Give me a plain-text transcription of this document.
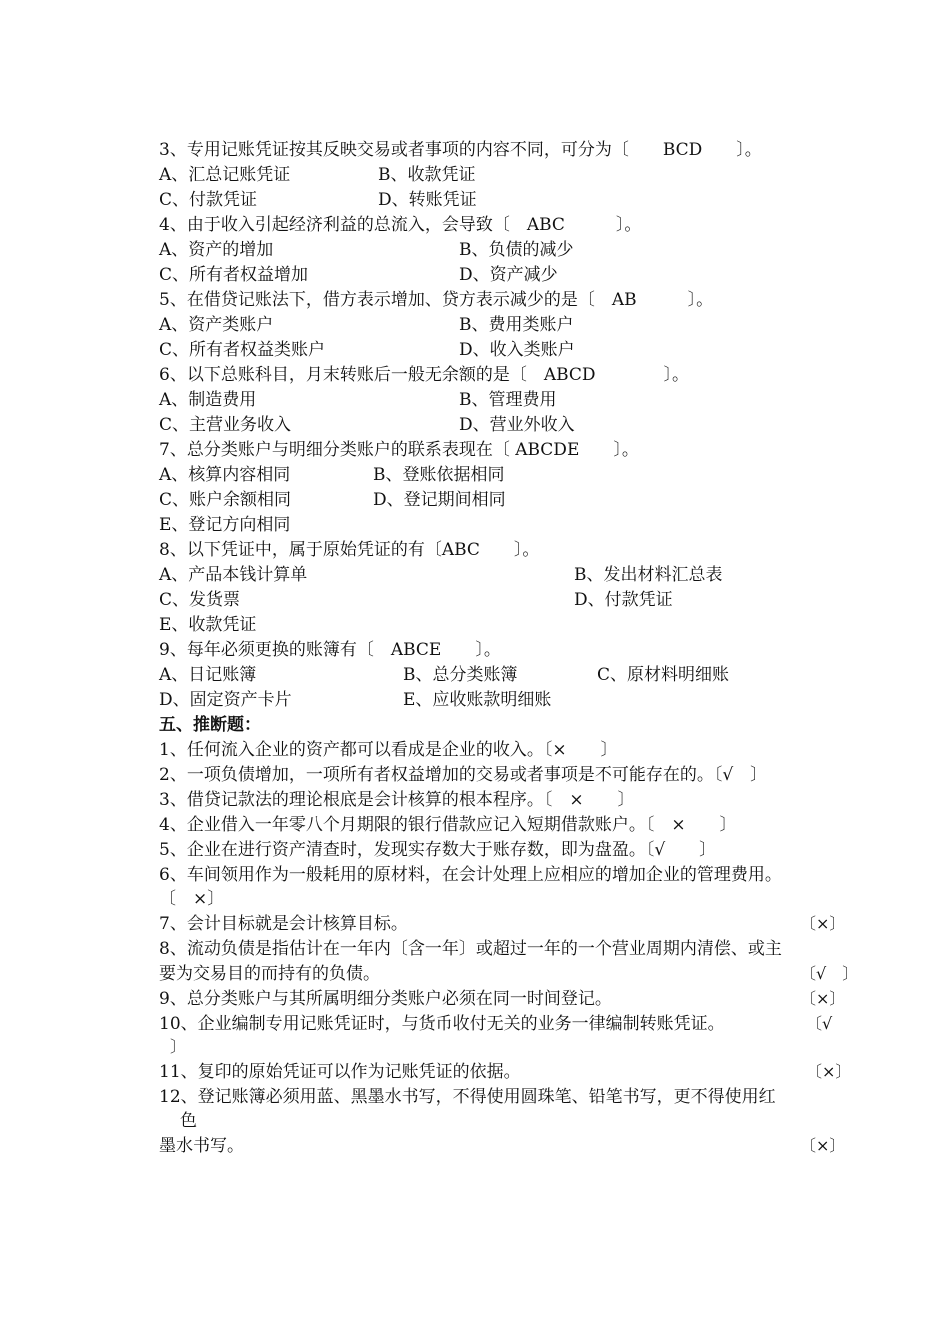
3、专用记账凭证按其反映交易或者事项的内容不同，可分为〔　　BCD　　〕。
A、汇总记账凭证	B、收款凭证
C、付款凭证	D、转账凭证
4、由于收入引起经济利益的总流入，会导致〔　ABC　　　〕。
A、资产的增加	B、负债的减少
C、所有者权益增加	D、资产减少
5、在借贷记账法下，借方表示增加、贷方表示减少的是〔　AB　　　〕。
A、资产类账户	B、费用类账户
C、所有者权益类账户	D、收入类账户
6、以下总账科目，月末转账后一般无余额的是〔　ABCD　　　　〕。
A、制造费用	B、管理费用
C、主营业务收入	D、营业外收入
7、总分类账户与明细分类账户的联系表现在〔 ABCDE　　〕。
A、核算内容相同	B、登账依据相同
C、账户余额相同	D、登记期间相同
E、登记方向相同
8、以下凭证中，属于原始凭证的有〔ABC　　〕。
A、产品本钱计算单	B、发出材料汇总表
C、发货票	D、付款凭证
E、收款凭证
9、每年必须更换的账簿有〔　ABCE　　〕。
A、日记账簿	B、总分类账簿	C、原材料明细账
D、固定资产卡片	E、应收账款明细账
五、推断题：
1、任何流入企业的资产都可以看成是企业的收入。〔×　　〕
2、一项负债增加，一项所有者权益增加的交易或者事项是不可能存在的。〔√　〕
3、借贷记款法的理论根底是会计核算的根本程序。〔　×　　〕
4、企业借入一年零八个月期限的银行借款应记入短期借款账户。〔　×　　〕
5、企业在进行资产清查时，发现实存数大于账存数，即为盘盈。〔√　　〕
6、车间领用作为一般耗用的原材料，在会计处理上应相应的增加企业的管理费用。
〔　×〕
7、会计目标就是会计核算目标。	〔×〕
8、流动负债是指估计在一年内〔含一年〕或超过一年的一个营业周期内清偿、或主
要为交易目的而持有的负债。	〔√　〕
9、总分类账户与其所属明细分类账户必须在同一时间登记。	〔×〕
10、企业编制专用记账凭证时，与货币收付无关的业务一律编制转账凭证。	〔√
〕
11、复印的原始凭证可以作为记账凭证的依据。	〔×〕
12、登记账簿必须用蓝、黑墨水书写，不得使用圆珠笔、铅笔书写，更不得使用红
色
墨水书写。	〔×〕
